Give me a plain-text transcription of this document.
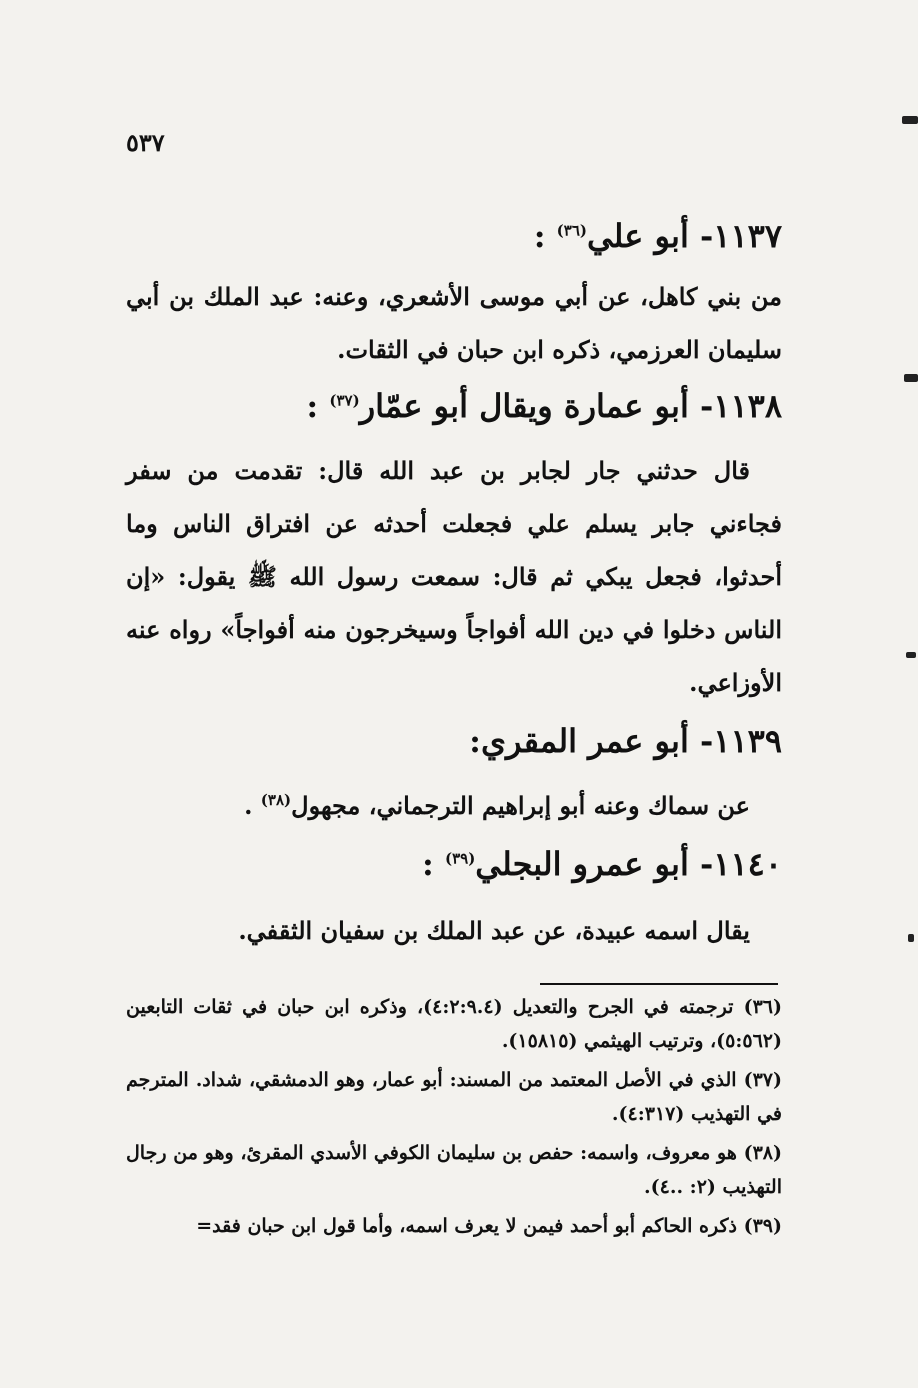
٥٣٧

١١٣٧- أبو علي$^{(٣٦)}$ :

من بني كاهل، عن أبي موسى الأشعري، وعنه: عبد الملك بن أبي سليمان العرزمي، ذكره ابن حبان في الثقات.

١١٣٨- أبو عمارة ويقال أبو عمّار$^{(٣٧)}$ :

قال حدثني جار لجابر بن عبد الله قال: تقدمت من سفر فجاءني جابر يسلم علي فجعلت أحدثه عن افتراق الناس وما أحدثوا، فجعل يبكي ثم قال: سمعت رسول الله ﷺ يقول: «إن الناس دخلوا في دين الله أفواجاً وسيخرجون منه أفواجاً» رواه عنه الأوزاعي.

١١٣٩- أبو عمر المقري:

عن سماك وعنه أبو إبراهيم الترجماني، مجهول$^{(٣٨)}$ .

١١٤٠- أبو عمرو البجلي$^{(٣٩)}$ :

يقال اسمه عبيدة، عن عبد الملك بن سفيان الثقفي.

(٣٦) ترجمته في الجرح والتعديل (٤:٢:٩.٤)، وذكره ابن حبان في ثقات التابعين (٥:٥٦٢)، وترتيب الهيثمي (١٥٨١٥).

(٣٧) الذي في الأصل المعتمد من المسند: أبو عمار، وهو الدمشقي، شداد. المترجم في التهذيب (٤:٣١٧).

(٣٨) هو معروف، واسمه: حفص بن سليمان الكوفي الأسدي المقرئ، وهو من رجال التهذيب (٢: ..٤).

(٣٩) ذكره الحاكم أبو أحمد فيمن لا يعرف اسمه، وأما قول ابن حبان فقد=
